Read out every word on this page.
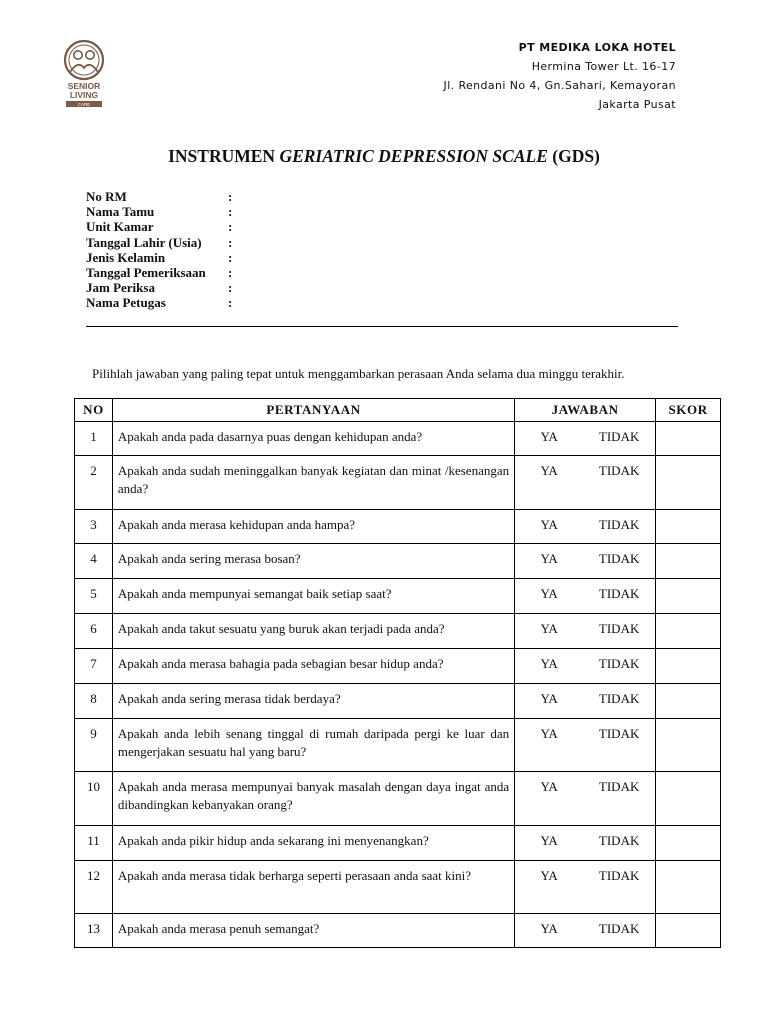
SENIOR
LIVING
CARE
PT MEDIKA LOKA HOTEL
Hermina Tower Lt. 16-17
Jl. Rendani No 4, Gn.Sahari, Kemayoran
Jakarta Pusat
INSTRUMEN GERIATRIC DEPRESSION SCALE (GDS)
No RM	:
Nama Tamu	:
Unit Kamar	:
Tanggal Lahir (Usia)	:
Jenis Kelamin	:
Tanggal Pemeriksaan	:
Jam Periksa	:
Nama Petugas	:
Pilihlah jawaban yang paling tepat untuk menggambarkan perasaan Anda selama dua minggu terakhir.
NO	PERTANYAAN	JAWABAN	SKOR
1	Apakah anda pada dasarnya puas dengan kehidupan anda?	YA TIDAK	

2	Apakah anda sudah meninggalkan banyak kegiatan dan minat /kesenangan anda?	YA TIDAK	

3	Apakah anda merasa kehidupan anda hampa?	YA TIDAK	

4	Apakah anda sering merasa bosan?	YA TIDAK	

5	Apakah anda mempunyai semangat baik setiap saat?	YA TIDAK	

6	Apakah anda takut sesuatu yang buruk akan terjadi pada anda?	YA TIDAK	

7	Apakah anda merasa bahagia pada sebagian besar hidup anda?	YA TIDAK	

8	Apakah anda sering merasa tidak berdaya?	YA TIDAK	

9	Apakah anda lebih senang tinggal di rumah daripada pergi ke luar dan mengerjakan sesuatu hal yang baru?	YA TIDAK	

10	Apakah anda merasa mempunyai banyak masalah dengan daya ingat anda dibandingkan kebanyakan orang?	YA TIDAK	

11	Apakah anda pikir hidup anda sekarang ini menyenangkan?	YA TIDAK	

12	Apakah anda merasa tidak berharga seperti perasaan anda saat kini?	YA TIDAK	

13	Apakah anda merasa penuh semangat?	YA TIDAK	
